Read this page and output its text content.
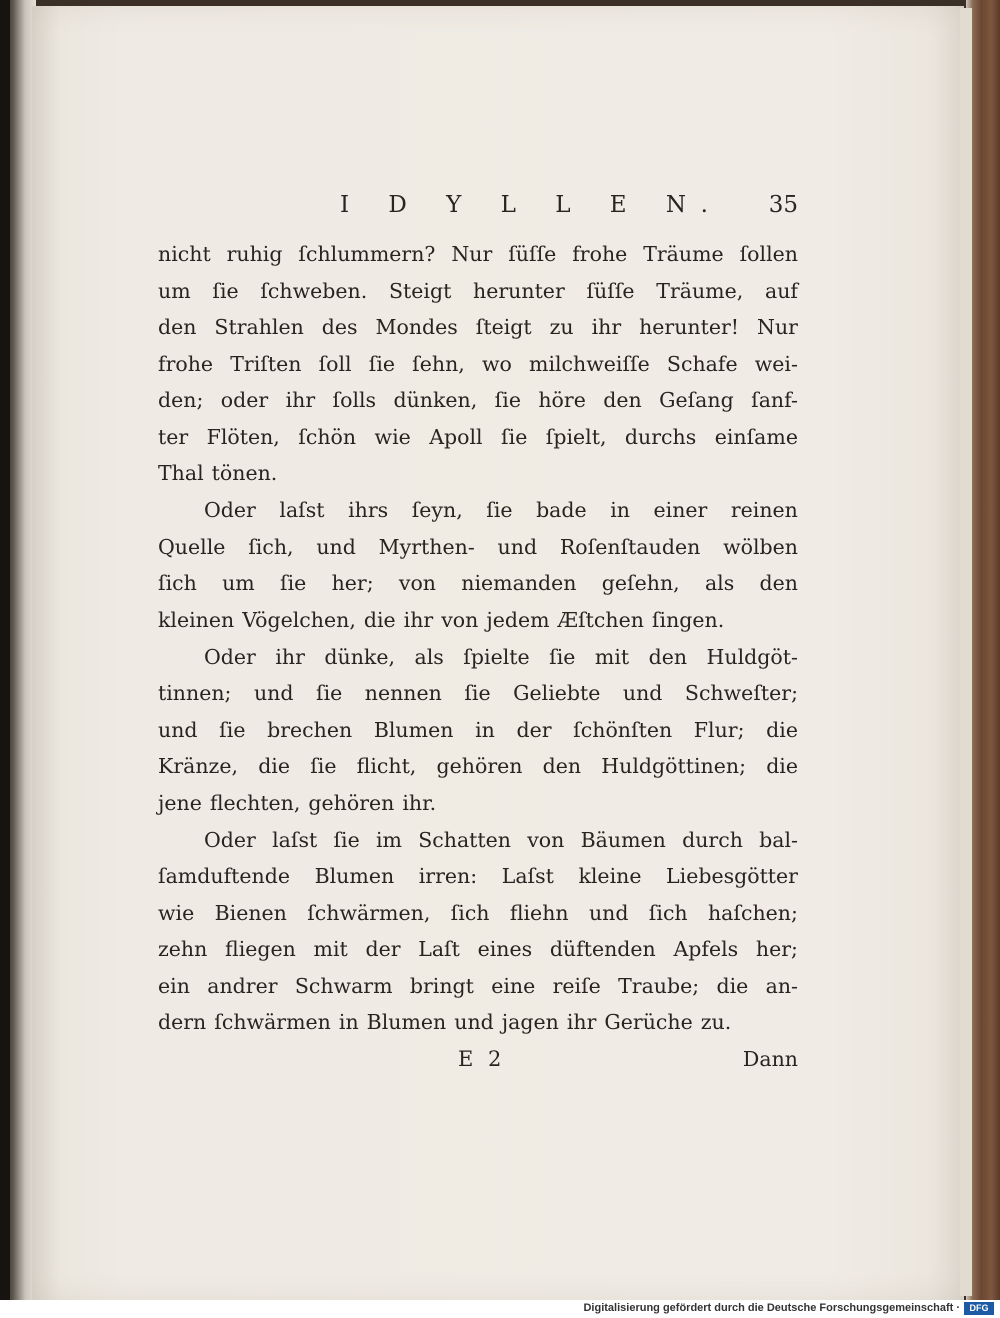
I D Y L L E N. 35
nicht ruhig ſchlummern? Nur ſüſſe frohe Träume ſollen
um ſie ſchweben. Steigt herunter ſüſſe Träume, auf
den Strahlen des Mondes ſteigt zu ihr herunter! Nur
frohe Triſten ſoll ſie ſehn, wo milchweiſſe Schafe wei-
den; oder ihr ſolls dünken, ſie höre den Geſang ſanf-
ter Flöten, ſchön wie Apoll ſie ſpielt, durchs einſame
Thal tönen.
Oder laſst ihrs ſeyn, ſie bade in einer reinen
Quelle ſich, und Myrthen- und Roſenſtauden wölben
ſich um ſie her; von niemanden geſehn, als den
kleinen Vögelchen, die ihr von jedem Æſtchen ſingen.
Oder ihr dünke, als ſpielte ſie mit den Huldgöt-
tinnen; und ſie nennen ſie Geliebte und Schweſter;
und ſie brechen Blumen in der ſchönſten Flur; die
Kränze, die ſie flicht, gehören den Huldgöttinen; die
jene flechten, gehören ihr.
Oder laſst ſie im Schatten von Bäumen durch bal-
ſamduftende Blumen irren: Laſst kleine Liebesgötter
wie Bienen ſchwärmen, ſich fliehn und ſich haſchen;
zehn fliegen mit der Laſt eines düftenden Apfels her;
ein andrer Schwarm bringt eine reiſe Traube; die an-
dern ſchwärmen in Blumen und jagen ihr Gerüche zu.
E 2	Dann
Digitalisierung gefördert durch die Deutsche Forschungsgemeinschaft ·	DFG
